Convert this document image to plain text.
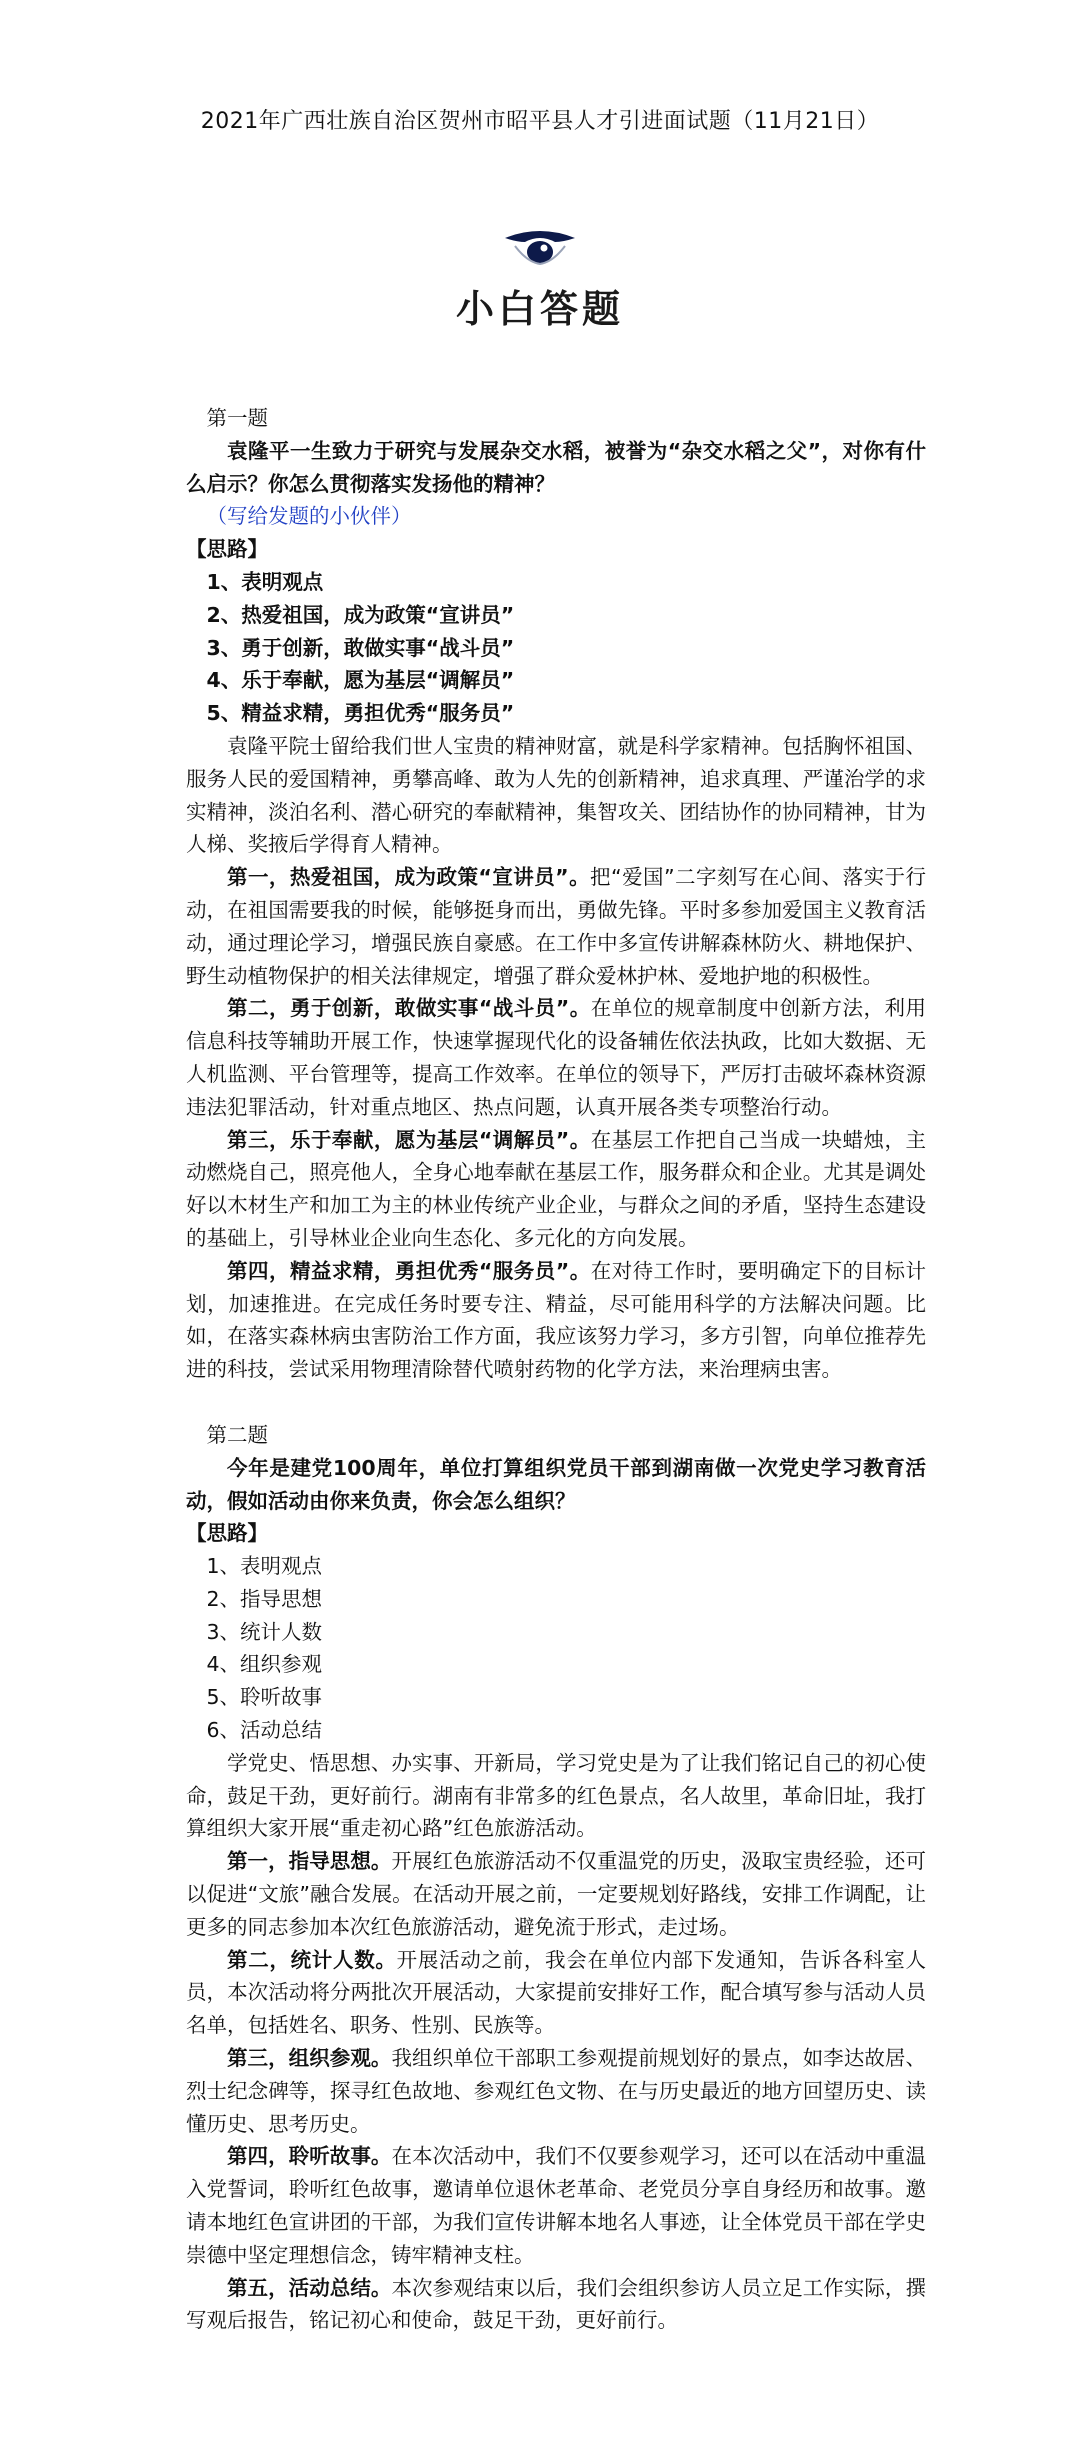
2021年广西壮族自治区贺州市昭平县人才引进面试题（11月21日）
小白答题

第一题

袁隆平一生致力于研究与发展杂交水稻，被誉为“杂交水稻之父”，对你有什么启示？你怎么贯彻落实发扬他的精神？

（写给发题的小伙伴）

【思路】

1、表明观点

2、热爱祖国，成为政策“宣讲员”

3、勇于创新，敢做实事“战斗员”

4、乐于奉献，愿为基层“调解员”

5、精益求精，勇担优秀“服务员”

袁隆平院士留给我们世人宝贵的精神财富，就是科学家精神。包括胸怀祖国、服务人民的爱国精神，勇攀高峰、敢为人先的创新精神，追求真理、严谨治学的求实精神，淡泊名利、潜心研究的奉献精神，集智攻关、团结协作的协同精神，甘为人梯、奖掖后学得育人精神。

第一，热爱祖国，成为政策“宣讲员”。把“爱国”二字刻写在心间、落实于行动，在祖国需要我的时候，能够挺身而出，勇做先锋。平时多参加爱国主义教育活动，通过理论学习，增强民族自豪感。在工作中多宣传讲解森林防火、耕地保护、野生动植物保护的相关法律规定，增强了群众爱林护林、爱地护地的积极性。

第二，勇于创新，敢做实事“战斗员”。在单位的规章制度中创新方法，利用信息科技等辅助开展工作，快速掌握现代化的设备辅佐依法执政，比如大数据、无人机监测、平台管理等，提高工作效率。在单位的领导下，严厉打击破坏森林资源违法犯罪活动，针对重点地区、热点问题，认真开展各类专项整治行动。

第三，乐于奉献，愿为基层“调解员”。在基层工作把自己当成一块蜡烛，主动燃烧自己，照亮他人，全身心地奉献在基层工作，服务群众和企业。尤其是调处好以木材生产和加工为主的林业传统产业企业，与群众之间的矛盾，坚持生态建设的基础上，引导林业企业向生态化、多元化的方向发展。

第四，精益求精，勇担优秀“服务员”。在对待工作时，要明确定下的目标计划，加速推进。在完成任务时要专注、精益，尽可能用科学的方法解决问题。比如，在落实森林病虫害防治工作方面，我应该努力学习，多方引智，向单位推荐先进的科技，尝试采用物理清除替代喷射药物的化学方法，来治理病虫害。

第二题

今年是建党100周年，单位打算组织党员干部到湖南做一次党史学习教育活动，假如活动由你来负责，你会怎么组织？

【思路】

1、表明观点

2、指导思想

3、统计人数

4、组织参观

5、聆听故事

6、活动总结

学党史、悟思想、办实事、开新局，学习党史是为了让我们铭记自己的初心使命，鼓足干劲，更好前行。湖南有非常多的红色景点，名人故里，革命旧址，我打算组织大家开展“重走初心路”红色旅游活动。

第一，指导思想。开展红色旅游活动不仅重温党的历史，汲取宝贵经验，还可以促进“文旅”融合发展。在活动开展之前，一定要规划好路线，安排工作调配，让更多的同志参加本次红色旅游活动，避免流于形式，走过场。

第二，统计人数。开展活动之前，我会在单位内部下发通知，告诉各科室人员，本次活动将分两批次开展活动，大家提前安排好工作，配合填写参与活动人员名单，包括姓名、职务、性别、民族等。

第三，组织参观。我组织单位干部职工参观提前规划好的景点，如李达故居、烈士纪念碑等，探寻红色故地、参观红色文物、在与历史最近的地方回望历史、读懂历史、思考历史。

第四，聆听故事。在本次活动中，我们不仅要参观学习，还可以在活动中重温入党誓词，聆听红色故事，邀请单位退休老革命、老党员分享自身经历和故事。邀请本地红色宣讲团的干部，为我们宣传讲解本地名人事迹，让全体党员干部在学史崇德中坚定理想信念，铸牢精神支柱。

第五，活动总结。本次参观结束以后，我们会组织参访人员立足工作实际，撰写观后报告，铭记初心和使命，鼓足干劲，更好前行。
